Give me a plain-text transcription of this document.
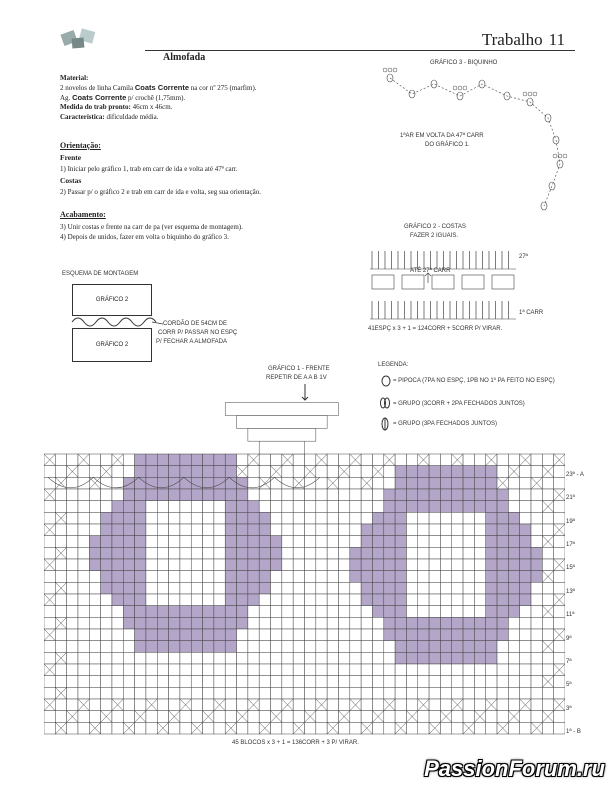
Trabalho 11
Almofada
Material:
2 novelos de linha Camila Coats Corrente na cor nº 275 (marfim).
Ag. Coats Corrente p/ crochê (1,75mm).
Medida do trab pronto: 46cm x 46cm.
Característica: dificuldade média.
Orientação:
Frente
1) Iniciar pelo gráfico 1, trab em carr de ida e volta até 47ª carr.
Costas
2) Passar p/ o gráfico 2 e trab em carr de ida e volta, seg sua orientação.
Acabamento:
3) Unir costas e frente na carr de pa (ver esquema de montagem).
4) Depois de unidos, fazer em volta o biquinho do gráfico 3.
GRÁFICO 3 - BIQUINHO
1ªAR EM VOLTA DA 47ª CARR
DO GRÁFICO 1.
GRÁFICO 2 - COSTAS
FAZER 2 IGUAIS.
ATÉ 27ª CARR
27ª
1ª CARR
41ESPÇ x 3 + 1 = 124CORR + 5CORR P/ VIRAR.
ESQUEMA DE MONTAGEM
GRÁFICO 2
GRÁFICO 2
CORDÃO DE 54CM DE
CORR P/ PASSAR NO ESPÇ
P/ FECHAR A ALMOFADA
LEGENDA:
= PIPOCA (7PA NO ESPÇ, 1PB NO 1º PA FEITO NO ESPÇ)
= GRUPO (3CORR + 2PA FECHADOS JUNTOS)
= GRUPO (3PA FECHADOS JUNTOS)
GRÁFICO 1 - FRENTE
REPETIR DE A A B 1V
23ª - A
21ª
19ª
17ª
15ª
13ª
11ª
9ª
7ª
5ª
3ª
1ª - B
45 BLOCOS x 3 + 1 = 136CORR + 3 P/ VIRAR.
PassionForum.ru
